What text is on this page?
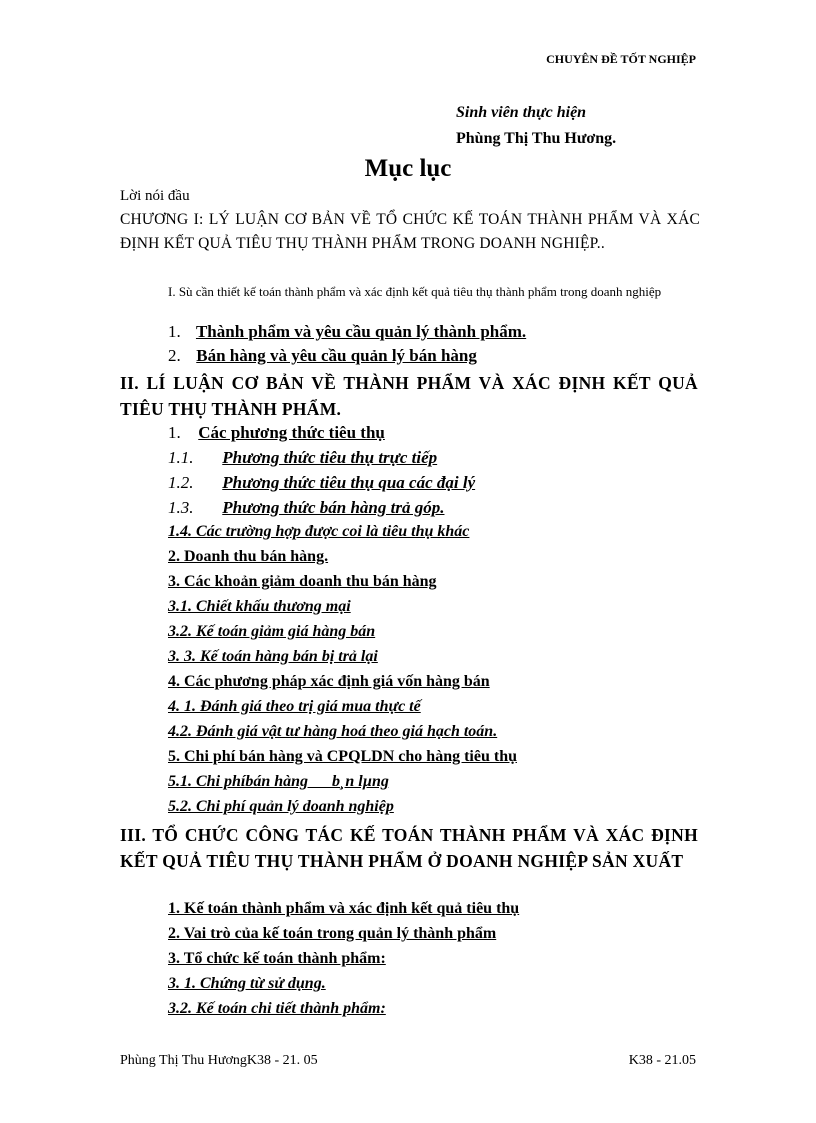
CHUYÊN ĐỀ TỐT NGHIỆP
Sinh viên thực hiện
Phùng Thị Thu Hương.
Mục lục
Lời nói đầu
CHƯƠNG I: LÝ LUẬN CƠ BẢN VỀ TỔ CHỨC KẾ TOÁN THÀNH PHẨM VÀ XÁC ĐỊNH KẾT QUẢ TIÊU THỤ THÀNH PHẨM TRONG DOANH NGHIỆP..
I. Sù cần thiết kế toán thành phẩm và xác định kết quả tiêu thụ thành phẩm trong doanh nghiệp
1. Thành phẩm và yêu cầu quản lý thành phẩm.
2. Bán hàng và yêu cầu quản lý bán hàng
II. LÍ LUẬN CƠ BẢN VỀ THÀNH PHẨM VÀ XÁC ĐỊNH KẾT QUẢ TIÊU THỤ THÀNH PHẨM.
1. Các phương thức tiêu thụ
1.1. Phương thức tiêu thụ trực tiếp
1.2. Phương thức tiêu thụ qua các đại lý
1.3. Phương thức bán hàng trả góp.
1.4. Các trường hợp được coi là tiêu thụ khác
2. Doanh thu bán hàng.
3. Các khoản giảm doanh thu bán hàng
3.1. Chiết khấu thương mại
3.2. Kế toán giảm giá hàng bán
3. 3. Kế toán hàng bán bị trả lại
4. Các phương pháp xác định giá vốn hàng bán
4. 1. Đánh giá theo trị giá mua thực tế
4.2. Đánh giá vật tư hàng hoá theo giá hạch toán.
5. Chi phí bán hàng và CPQLDN cho hàng tiêu thụ
5.1. Chi phíbán hàng      b¸n lµng
5.2. Chi phí quản lý doanh nghiệp
III. TỔ CHỨC CÔNG TÁC KẾ TOÁN THÀNH PHẨM VÀ XÁC ĐỊNH KẾT QUẢ TIÊU THỤ THÀNH PHẨM Ở DOANH NGHIỆP SẢN XUẤT
1. Kế toán thành phẩm và xác định kết quả tiêu thụ
2. Vai trò của kế toán trong quản lý thành phẩm
3. Tổ chức kế toán thành phẩm:
3. 1. Chứng từ sử dụng.
3.2. Kế toán chi tiết thành phẩm:
Phùng Thị Thu HươngK38 - 21. 05	K38 - 21.05
